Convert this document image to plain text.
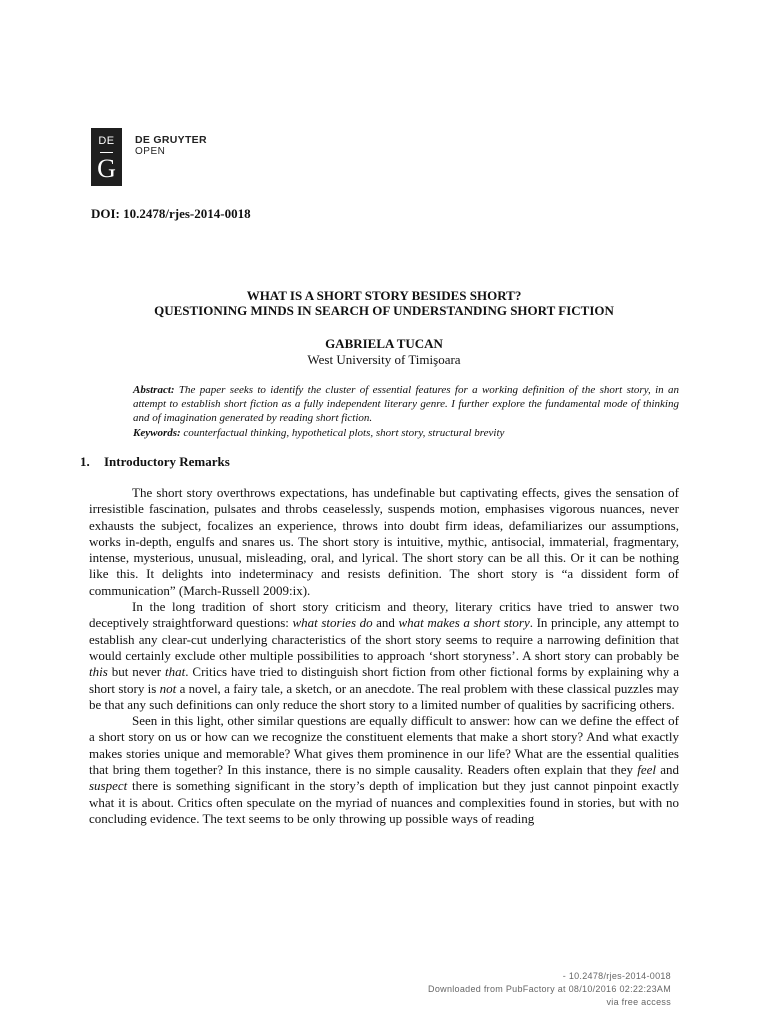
DE
G
DE GRUYTER
OPEN
DOI: 10.2478/rjes-2014-0018
WHAT IS A SHORT STORY BESIDES SHORT?
QUESTIONING MINDS IN SEARCH OF UNDERSTANDING SHORT FICTION
GABRIELA TUCAN
West University of Timişoara
Abstract: The paper seeks to identify the cluster of essential features for a working definition of the short story, in an attempt to establish short fiction as a fully independent literary genre. I further explore the fundamental mode of thinking and of imagination generated by reading short fiction.
Keywords: counterfactual thinking, hypothetical plots, short story, structural brevity
1. Introductory Remarks

The short story overthrows expectations, has undefinable but captivating effects, gives the sensation of irresistible fascination, pulsates and throbs ceaselessly, suspends motion, emphasises vigorous nuances, never exhausts the subject, focalizes an experience, throws into doubt firm ideas, defamiliarizes our assumptions, works in-depth, engulfs and snares us. The short story is intuitive, mythic, antisocial, immaterial, fragmentary, intense, mysterious, unusual, misleading, oral, and lyrical. The short story can be all this. Or it can be nothing like this. It delights into indeterminacy and resists definition. The short story is “a dissident form of communication” (March-Russell 2009:ix).

In the long tradition of short story criticism and theory, literary critics have tried to answer two deceptively straightforward questions: what stories do and what makes a short story. In principle, any attempt to establish any clear-cut underlying characteristics of the short story seems to require a narrowing definition that would certainly exclude other multiple possibilities to approach ‘short storyness’. A short story can probably be this but never that. Critics have tried to distinguish short fiction from other fictional forms by explaining why a short story is not a novel, a fairy tale, a sketch, or an anecdote. The real problem with these classical puzzles may be that any such definitions can only reduce the short story to a limited number of qualities by sacrificing others.

Seen in this light, other similar questions are equally difficult to answer: how can we define the effect of a short story on us or how can we recognize the constituent elements that make a short story? And what exactly makes stories unique and memorable? What gives them prominence in our life? What are the essential qualities that bring them together? In this instance, there is no simple causality. Readers often explain that they feel and suspect there is something significant in the story’s depth of implication but they just cannot pinpoint exactly what it is about. Critics often speculate on the myriad of nuances and complexities found in stories, but with no concluding evidence. The text seems to be only throwing up possible ways of reading

- 10.2478/rjes-2014-0018
Downloaded from PubFactory at 08/10/2016 02:22:23AM
via free access
